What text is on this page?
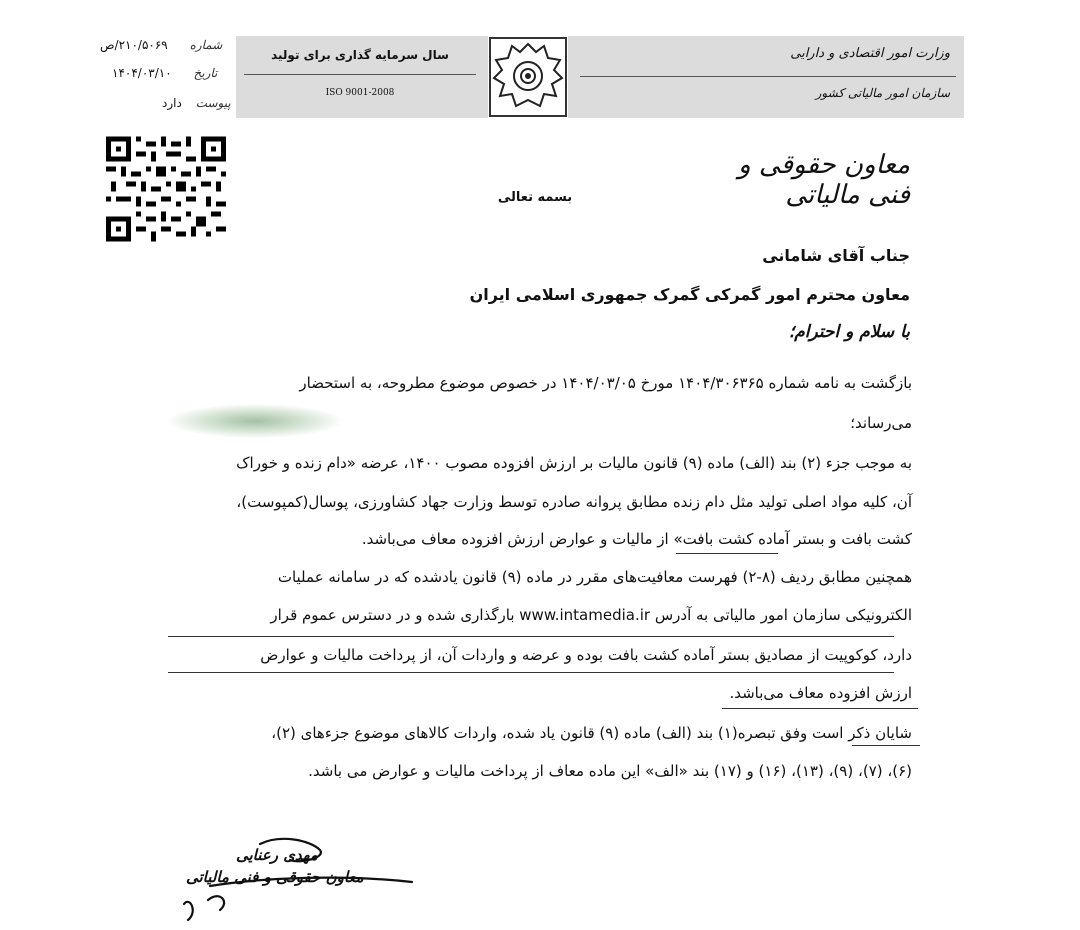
سال سرمایه گذاری برای تولید
ISO 9001-2008
وزارت امور اقتصادی و دارایی
سازمان امور مالیاتی کشور
۲۱۰/۵۰۶۹/ص شماره
۱۴۰۴/۰۳/۱۰ تاریخ
دارد پیوست
معاون حقوقی و فنی مالیاتی
بسمه تعالی
جناب آقای شامانی
معاون محترم امور گمرکی گمرک جمهوری اسلامی ایران
با سلام و احترام؛
بازگشت به نامه شماره ۱۴۰۴/۳۰۶۳۶۵ مورخ ۱۴۰۴/۰۳/۰۵ در خصوص موضوع مطروحه، به استحضار
می‌رساند؛
به موجب جزء (۲) بند (الف) ماده (۹) قانون مالیات بر ارزش افزوده مصوب ۱۴۰۰، عرضه «دام زنده و خوراک
آن، کلیه مواد اصلی تولید مثل دام زنده مطابق پروانه صادره توسط وزارت جهاد کشاورزی، پوسال(کمپوست)،
کشت بافت و بستر آماده کشت بافت» از مالیات و عوارض ارزش افزوده معاف می‌باشد.
همچنین مطابق ردیف (۸-۲) فهرست معافیت‌های مقرر در ماده (۹) قانون یادشده که در سامانه عملیات
الکترونیکی سازمان امور مالیاتی به آدرس www.intamedia.ir بارگذاری شده و در دسترس عموم قرار
دارد، کوکوپیت از مصادیق بستر آماده کشت بافت بوده و عرضه و واردات آن، از پرداخت مالیات و عوارض
ارزش افزوده معاف می‌باشد.
شایان ذکر است وفق تبصره(۱) بند (الف) ماده (۹) قانون یاد شده، واردات کالاهای موضوع جزءهای (۲)،
(۶)، (۷)، (۹)، (۱۳)، (۱۶) و (۱۷) بند «الف» این ماده معاف از پرداخت مالیات و عوارض می باشد.
مهدی رعنایی
معاون حقوقی و فنی مالیاتی
